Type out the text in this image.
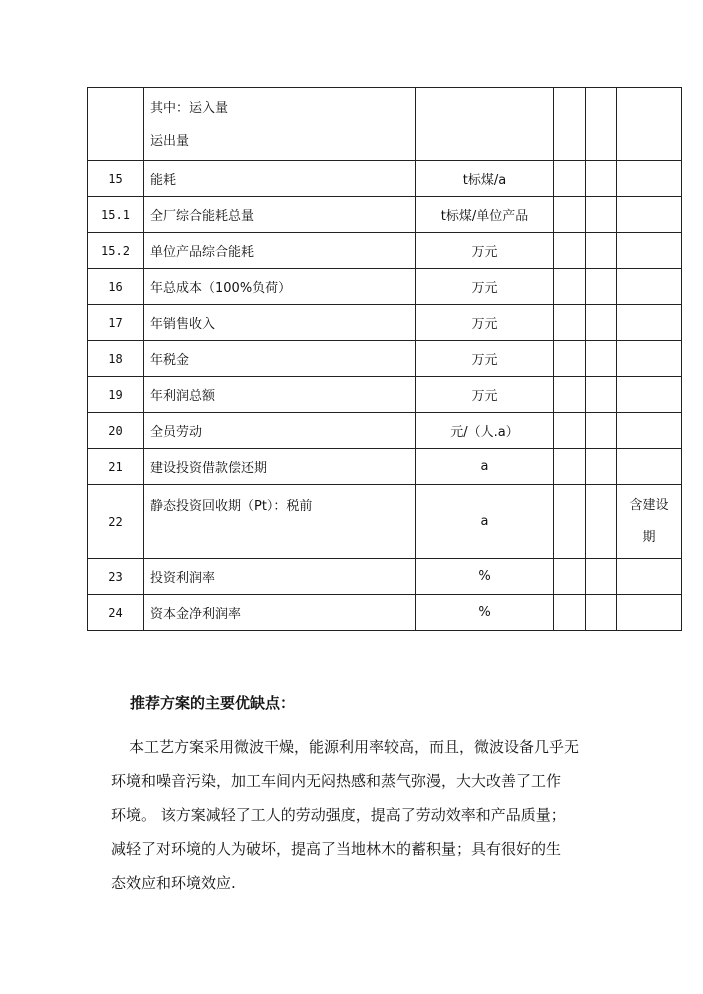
	其中：运入量
运出量				

15	能耗	t标煤/a			
15.1	全厂综合能耗总量	t标煤/单位产品			
15.2	单位产品综合能耗	万元			
16	年总成本（100%负荷）	万元			
17	年销售收入	万元			
18	年税金	万元			
19	年利润总额	万元			
20	全员劳动	元/（人.a）			
21	建设投资借款偿还期	a			
22	静态投资回收期（Pt）：税前	a			含建设
期

23	投资利润率	%			
24	资本金净利润率	%			
推荐方案的主要优缺点：
本工艺方案采用微波干燥，能源利用率较高，而且，微波设备几乎无
环境和噪音污染，加工车间内无闷热感和蒸气弥漫，大大改善了工作
环境。 该方案减轻了工人的劳动强度，提高了劳动效率和产品质量；
减轻了对环境的人为破坏，提高了当地林木的蓄积量；具有很好的生
态效应和环境效应.
